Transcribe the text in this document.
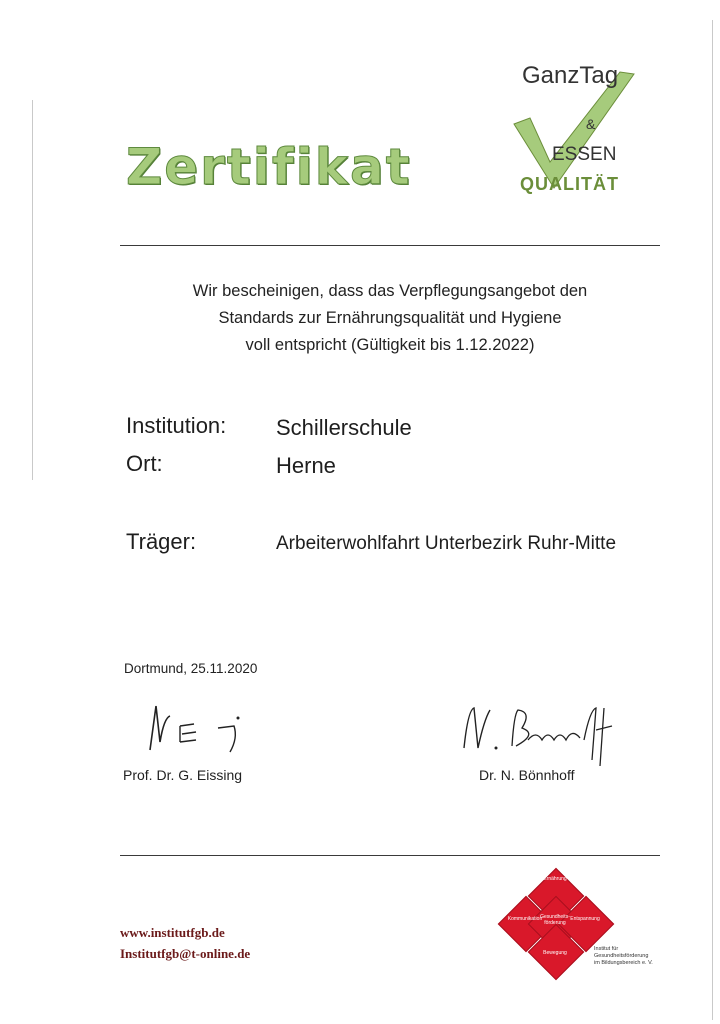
Zertifikat
GanzTag
&
ESSEN
QUALITÄT
Wir bescheinigen, dass das Verpflegungsangebot den
Standards zur Ernährungsqualität und Hygiene
voll entspricht (Gültigkeit bis 1.12.2022)
Institution: Schillerschule
Ort:	Herne
Träger:	Arbeiterwohlfahrt Unterbezirk Ruhr-Mitte
Dortmund, 25.11.2020
Prof. Dr. G. Eissing	Dr. N. Bönnhoff
www.institutfgb.de
Institutfgb@t-online.de
Ernährung
Gesundheits-förderung
Kommunikation	Entspannung
Bewegung
Institut für
Gesundheitsförderung
im Bildungsbereich e. V.
